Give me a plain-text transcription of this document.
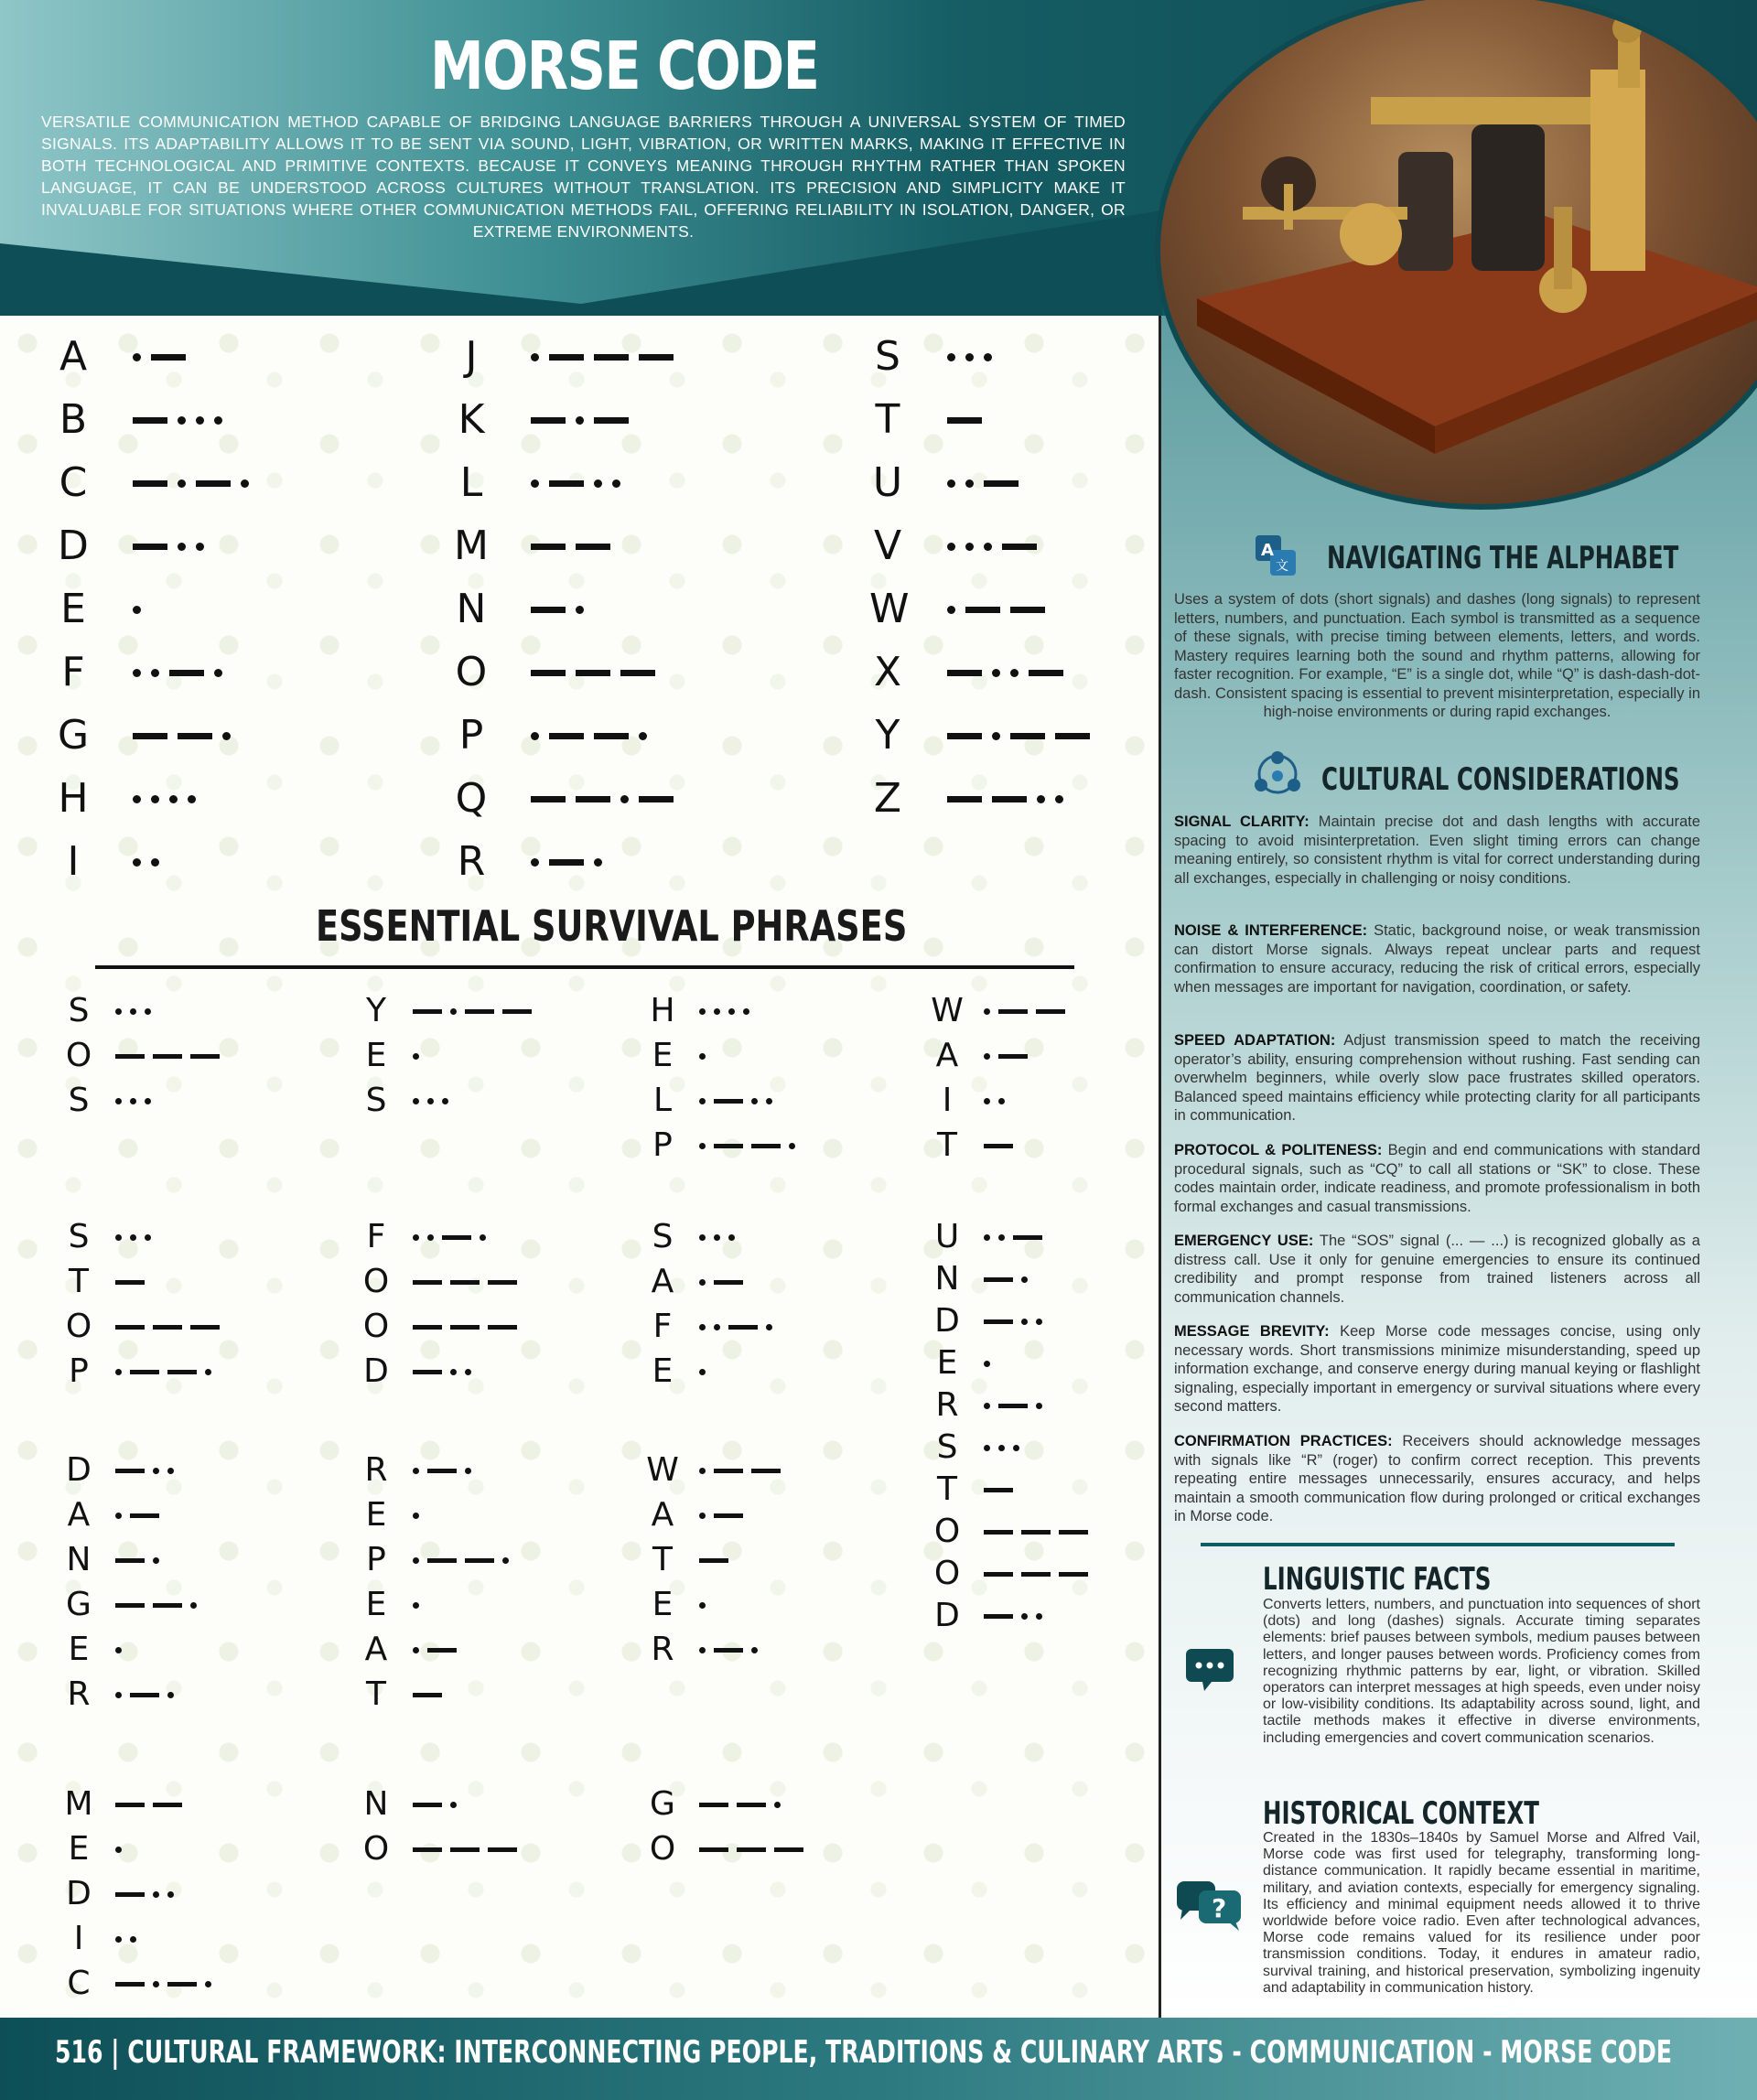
MORSE CODE
VERSATILE COMMUNICATION METHOD CAPABLE OF BRIDGING LANGUAGE BARRIERS THROUGH A UNIVERSAL SYSTEM OF TIMED SIGNALS. ITS ADAPTABILITY ALLOWS IT TO BE SENT VIA SOUND, LIGHT, VIBRATION, OR WRITTEN MARKS, MAKING IT EFFECTIVE IN BOTH TECHNOLOGICAL AND PRIMITIVE CONTEXTS. BECAUSE IT CONVEYS MEANING THROUGH RHYTHM RATHER THAN SPOKEN LANGUAGE, IT CAN BE UNDERSTOOD ACROSS CULTURES WITHOUT TRANSLATION. ITS PRECISION AND SIMPLICITY MAKE IT INVALUABLE FOR SITUATIONS WHERE OTHER COMMUNICATION METHODS FAIL, OFFERING RELIABILITY IN ISOLATION, DANGER, OR EXTREME ENVIRONMENTS.
A
文 NAVIGATING THE ALPHABET
Uses a system of dots (short signals) and dashes (long signals) to represent letters, numbers, and punctuation. Each symbol is transmitted as a sequence of these signals, with precise timing between elements, letters, and words. Mastery requires learning both the sound and rhythm patterns, allowing for faster recognition. For example, “E” is a single dot, while “Q” is dash-dash-dot-dash. Consistent spacing is essential to prevent misinterpretation, especially in high-noise environments or during rapid exchanges.
CULTURAL CONSIDERATIONS
SIGNAL CLARITY: Maintain precise dot and dash lengths with accurate spacing to avoid misinterpretation. Even slight timing errors can change meaning entirely, so consistent rhythm is vital for correct understanding during all exchanges, especially in challenging or noisy conditions.
NOISE & INTERFERENCE: Static, background noise, or weak transmission can distort Morse signals. Always repeat unclear parts and request confirmation to ensure accuracy, reducing the risk of critical errors, especially when messages are important for navigation, coordination, or safety.
SPEED ADAPTATION: Adjust transmission speed to match the receiving operator’s ability, ensuring comprehension without rushing. Fast sending can overwhelm beginners, while overly slow pace frustrates skilled operators. Balanced speed maintains efficiency while protecting clarity for all participants in communication.
PROTOCOL & POLITENESS: Begin and end communications with standard procedural signals, such as “CQ” to call all stations or “SK” to close. These codes maintain order, indicate readiness, and promote professionalism in both formal exchanges and casual transmissions.
EMERGENCY USE: The “SOS” signal (... — ...) is recognized globally as a distress call. Use it only for genuine emergencies to ensure its continued credibility and prompt response from trained listeners across all communication channels.
MESSAGE BREVITY: Keep Morse code messages concise, using only necessary words. Short transmissions minimize misunderstanding, speed up information exchange, and conserve energy during manual keying or flashlight signaling, especially important in emergency or survival situations where every second matters.
CONFIRMATION PRACTICES: Receivers should acknowledge messages with signals like “R” (roger) to confirm correct reception. This prevents repeating entire messages unnecessarily, ensures accuracy, and helps maintain a smooth communication flow during prolonged or critical exchanges in Morse code.
LINGUISTIC FACTS
Converts letters, numbers, and punctuation into sequences of short (dots) and long (dashes) signals. Accurate timing separates elements: brief pauses between symbols, medium pauses between letters, and longer pauses between words. Proficiency comes from recognizing rhythmic patterns by ear, light, or vibration. Skilled operators can interpret messages at high speeds, even under noisy or low-visibility conditions. Its adaptability across sound, light, and tactile methods makes it effective in diverse environments, including emergencies and covert communication scenarios.
?
HISTORICAL CONTEXT
Created in the 1830s–1840s by Samuel Morse and Alfred Vail, Morse code was first used for telegraphy, transforming long-distance communication. It rapidly became essential in maritime, military, and aviation contexts, especially for emergency signaling. Its efficiency and minimal equipment needs allowed it to thrive worldwide before voice radio. Even after technological advances, Morse code remains valued for its resilience under poor transmission conditions. Today, it endures in amateur radio, survival training, and historical preservation, symbolizing ingenuity and adaptability in communication history.
ESSENTIAL SURVIVAL PHRASES
516 | CULTURAL FRAMEWORK: INTERCONNECTING PEOPLE, TRADITIONS & CULINARY ARTS - COMMUNICATION - MORSE CODE
A
B
C
D
E
F
G
H
I
J
K
L
M
N
O
P
Q
R
S
T
U
V
W
X
Y
Z
S
O
S
Y
E
S
H
E
L
P
W
A
I
T
S
T
O
P
F
O
O
D
S
A
F
E
U
N
D
E
R
S
T
O
O
D
D
A
N
G
E
R
R
E
P
E
A
T
W
A
T
E
R
M
E
D
I
C
N
O
G
O
